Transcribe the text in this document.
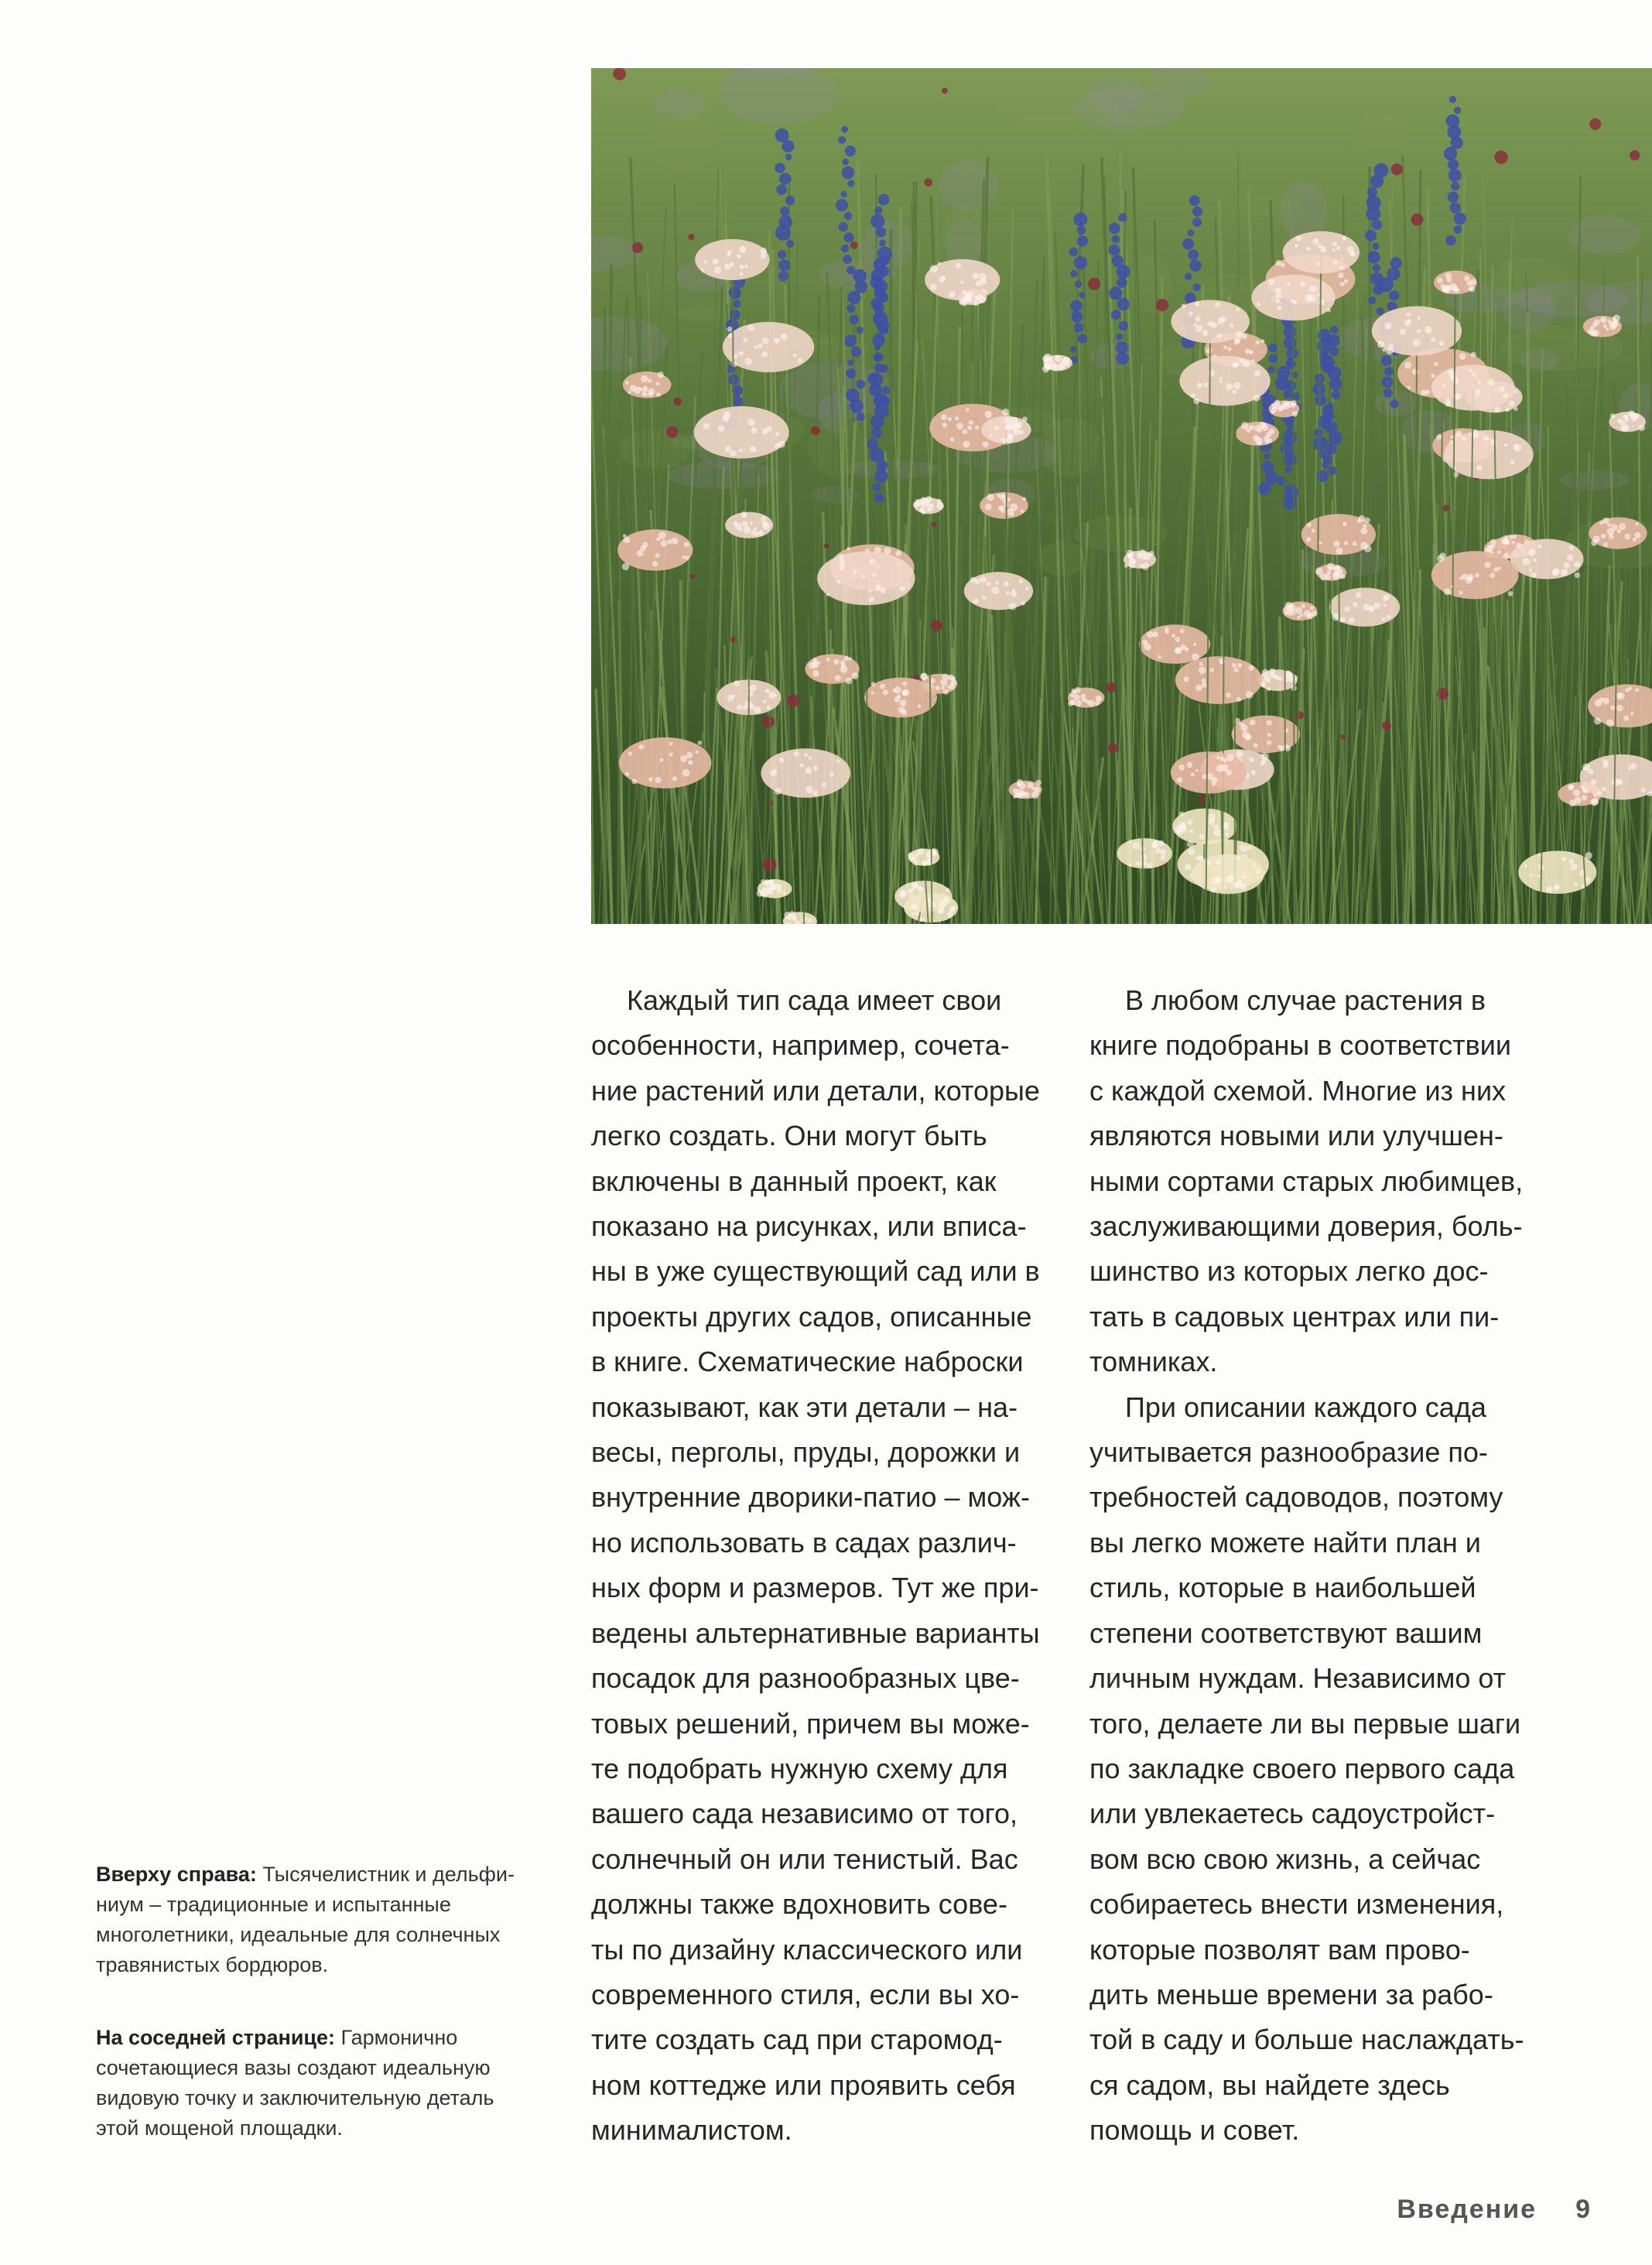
Вверху справа: Тысячелистник и дельфи-
ниум – традиционные и испытанные
многолетники, идеальные для солнечных
травянистых бордюров.
На соседней странице: Гармонично
сочетающиеся вазы создают идеальную
видовую точку и заключительную деталь
этой мощеной площадки.

Каждый тип сада имеет свои
особенности, например, сочета-
ние растений или детали, которые
легко создать. Они могут быть
включены в данный проект, как
показано на рисунках, или вписа-
ны в уже существующий сад или в
проекты других садов, описанные
в книге. Схематические наброски
показывают, как эти детали – на-
весы, перголы, пруды, дорожки и
внутренние дворики-патио – мож-
но использовать в садах различ-
ных форм и размеров. Тут же при-
ведены альтернативные варианты
посадок для разнообразных цве-
товых решений, причем вы може-
те подобрать нужную схему для
вашего сада независимо от того,
солнечный он или тенистый. Вас
должны также вдохновить сове-
ты по дизайну классического или
современного стиля, если вы хо-
тите создать сад при старомод-
ном коттедже или проявить себя
минималистом.

В любом случае растения в
книге подобраны в соответствии
с каждой схемой. Многие из них
являются новыми или улучшен-
ными сортами старых любимцев,
заслуживающими доверия, боль-
шинство из которых легко дос-
тать в садовых центрах или пи-
томниках.

При описании каждого сада
учитывается разнообразие по-
требностей садоводов, поэтому
вы легко можете найти план и
стиль, которые в наибольшей
степени соответствуют вашим
личным нуждам. Независимо от
того, делаете ли вы первые шаги
по закладке своего первого сада
или увлекаетесь садоустройст-
вом всю свою жизнь, а сейчас
собираетесь внести изменения,
которые позволят вам прово-
дить меньше времени за рабо-
той в саду и больше наслаждать-
ся садом, вы найдете здесь
помощь и совет.

Введение 9
